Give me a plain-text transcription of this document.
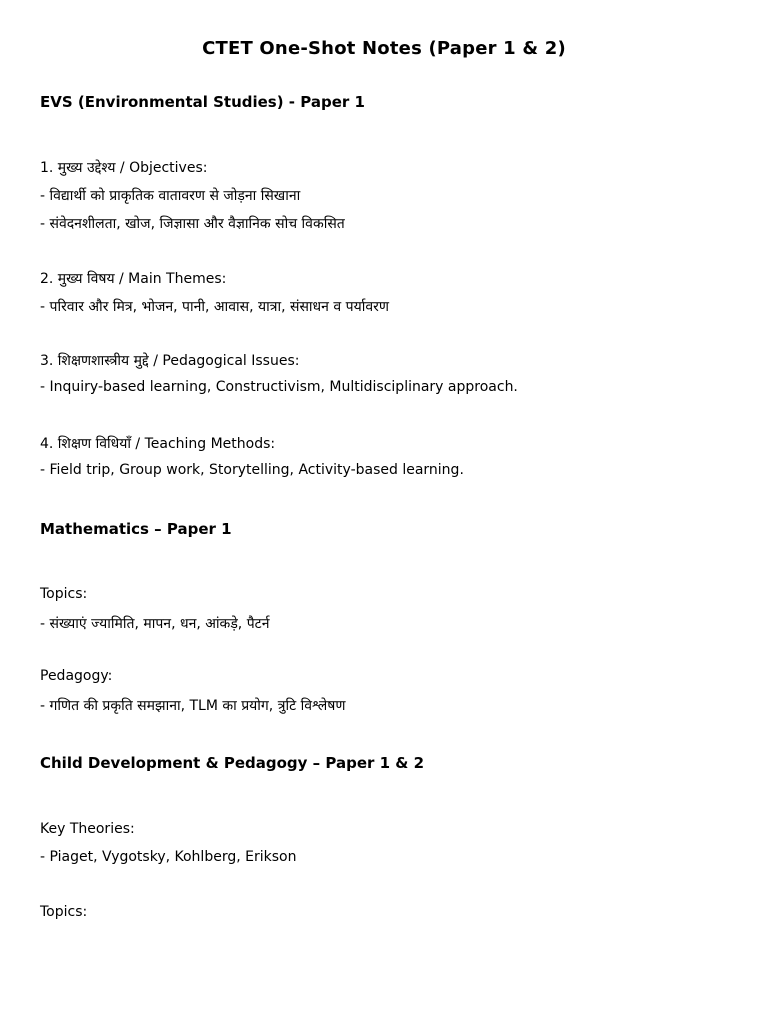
CTET One-Shot Notes (Paper 1 & 2)
EVS (Environmental Studies) - Paper 1
1. मुख्य उद्देश्य / Objectives:
- विद्यार्थी को प्राकृतिक वातावरण से जोड़ना सिखाना
- संवेदनशीलता, खोज, जिज्ञासा और वैज्ञानिक सोच विकसित
2. मुख्य विषय / Main Themes:
- परिवार और मित्र, भोजन, पानी, आवास, यात्रा, संसाधन व पर्यावरण
3. शिक्षणशास्त्रीय मुद्दे / Pedagogical Issues:
- Inquiry-based learning, Constructivism, Multidisciplinary approach.
4. शिक्षण विधियाँ / Teaching Methods:
- Field trip, Group work, Storytelling, Activity-based learning.
Mathematics – Paper 1
Topics:
- संख्याएं ज्यामिति, मापन, धन, आंकड़े, पैटर्न
Pedagogy:
- गणित की प्रकृति समझाना, TLM का प्रयोग, त्रुटि विश्लेषण
Child Development & Pedagogy – Paper 1 & 2
Key Theories:
- Piaget, Vygotsky, Kohlberg, Erikson
Topics:
